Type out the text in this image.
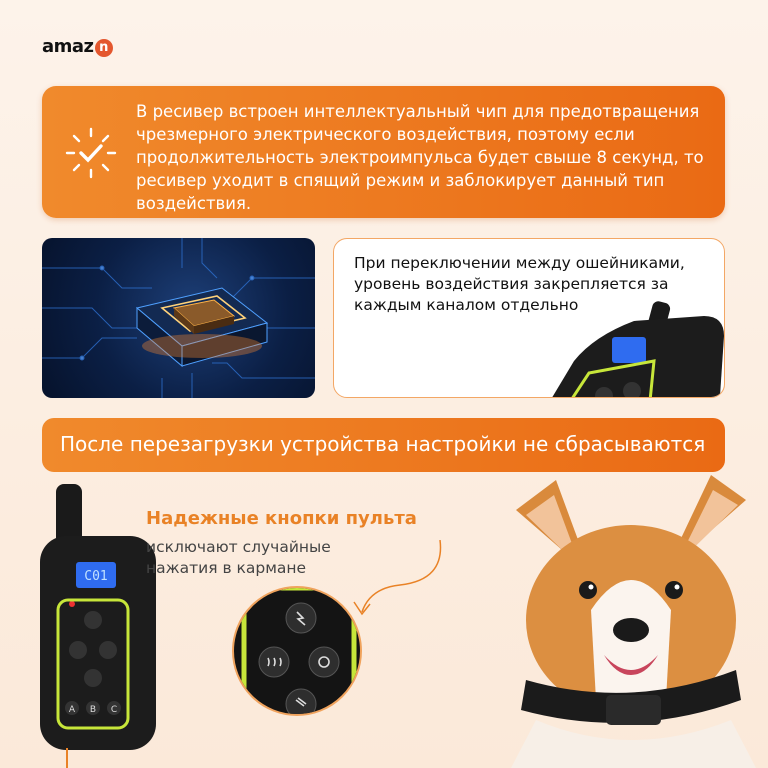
amaz n
В ресивер встроен интеллектуальный чип для предотвращения чрезмерного электрического воздействия, поэтому если продолжительность электроимпульса будет свыше 8 секунд, то ресивер уходит в спящий режим и заблокирует данный тип воздействия.
При переключении между ошейниками, уровень воздействия закрепляется за каждым каналом отдельно
После перезагрузки устройства настройки не сбрасываются
C01
A B C
Надежные кнопки пульта
исключают случайные
нажатия в кармане
